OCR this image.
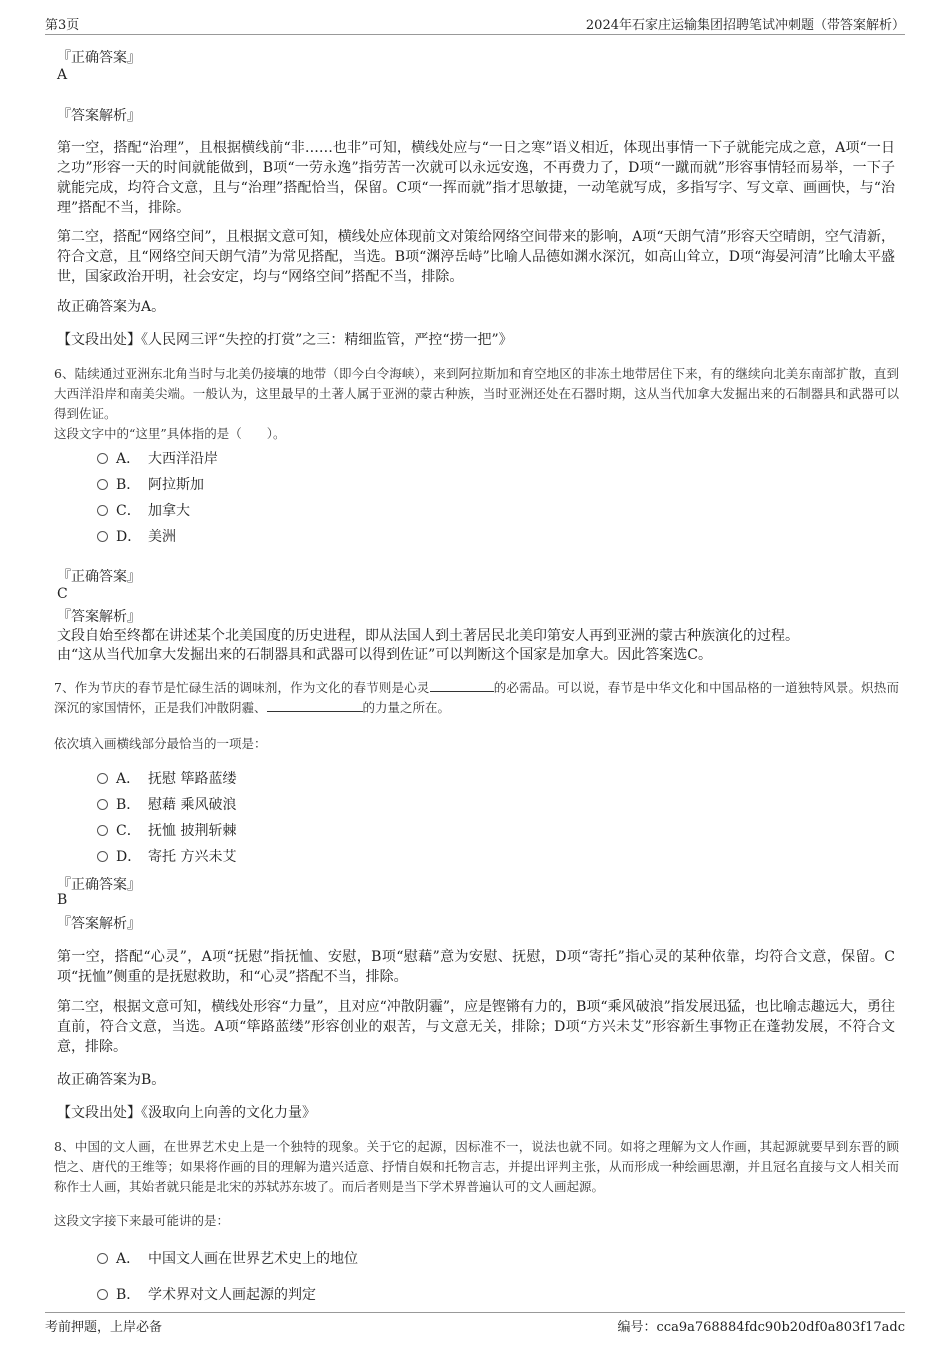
第3页	2024年石家庄运输集团招聘笔试冲刺题（带答案解析）
『正确答案』
A
『答案解析』
第一空，搭配“治理”，且根据横线前“非……也非”可知，横线处应与“一日之寒”语义相近，体现出事情一下子就能完成之意，A项“一日之功”形容一天的时间就能做到，B项“一劳永逸”指劳苦一次就可以永远安逸，不再费力了，D项“一蹴而就”形容事情轻而易举，一下子就能完成，均符合文意，且与“治理”搭配恰当，保留。C项“一挥而就”指才思敏捷，一动笔就写成，多指写字、写文章、画画快，与“治理”搭配不当，排除。
第二空，搭配“网络空间”，且根据文意可知，横线处应体现前文对策给网络空间带来的影响，A项“天朗气清”形容天空晴朗，空气清新，符合文意，且“网络空间天朗气清”为常见搭配，当选。B项“渊渟岳峙”比喻人品德如渊水深沉，如高山耸立，D项“海晏河清”比喻太平盛世，国家政治开明，社会安定，均与“网络空间”搭配不当，排除。
故正确答案为A。
【文段出处】《人民网三评“失控的打赏”之三：精细监管，严控“捞一把”》
6、陆续通过亚洲东北角当时与北美仍接壤的地带（即今白令海峡），来到阿拉斯加和育空地区的非冻土地带居住下来，有的继续向北美东南部扩散，直到大西洋沿岸和南美尖端。一般认为，这里最早的土著人属于亚洲的蒙古种族，当时亚洲还处在石器时期，这从当代加拿大发掘出来的石制器具和武器可以得到佐证。
这段文字中的“这里”具体指的是（　　）。
A． 大西洋沿岸
B． 阿拉斯加
C． 加拿大
D． 美洲
『正确答案』
C
『答案解析』
文段自始至终都在讲述某个北美国度的历史进程，即从法国人到土著居民北美印第安人再到亚洲的蒙古种族演化的过程。
由“这从当代加拿大发掘出来的石制器具和武器可以得到佐证”可以判断这个国家是加拿大。因此答案选C。
7、作为节庆的春节是忙碌生活的调味剂，作为文化的春节则是心灵	的必需品。可以说，春节是中华文化和中国品格的一道独特风景。炽热而深沉的家国情怀，正是我们冲散阴霾、	的力量之所在。
依次填入画横线部分最恰当的一项是：
A． 抚慰 筚路蓝缕
B． 慰藉 乘风破浪
C． 抚恤 披荆斩棘
D． 寄托 方兴未艾
『正确答案』
B
『答案解析』
第一空，搭配“心灵”，A项“抚慰”指抚恤、安慰，B项“慰藉”意为安慰、抚慰，D项“寄托”指心灵的某种依靠，均符合文意，保留。C项“抚恤”侧重的是抚慰救助，和“心灵”搭配不当，排除。
第二空，根据文意可知，横线处形容“力量”，且对应“冲散阴霾”，应是铿锵有力的，B项“乘风破浪”指发展迅猛，也比喻志趣远大，勇往直前，符合文意，当选。A项“筚路蓝缕”形容创业的艰苦，与文意无关，排除；D项“方兴未艾”形容新生事物正在蓬勃发展，不符合文意，排除。
故正确答案为B。
【文段出处】《汲取向上向善的文化力量》
8、中国的文人画，在世界艺术史上是一个独特的现象。关于它的起源，因标准不一，说法也就不同。如将之理解为文人作画，其起源就要早到东晋的顾恺之、唐代的王维等；如果将作画的目的理解为遣兴适意、抒情自娱和托物言志，并提出评判主张，从而形成一种绘画思潮，并且冠名直接与文人相关而称作士人画，其始者就只能是北宋的苏轼苏东坡了。而后者则是当下学术界普遍认可的文人画起源。
这段文字接下来最可能讲的是：
A． 中国文人画在世界艺术史上的地位
B． 学术界对文人画起源的判定
考前押题，上岸必备	编号：cca9a768884fdc90b20df0a803f17adc
